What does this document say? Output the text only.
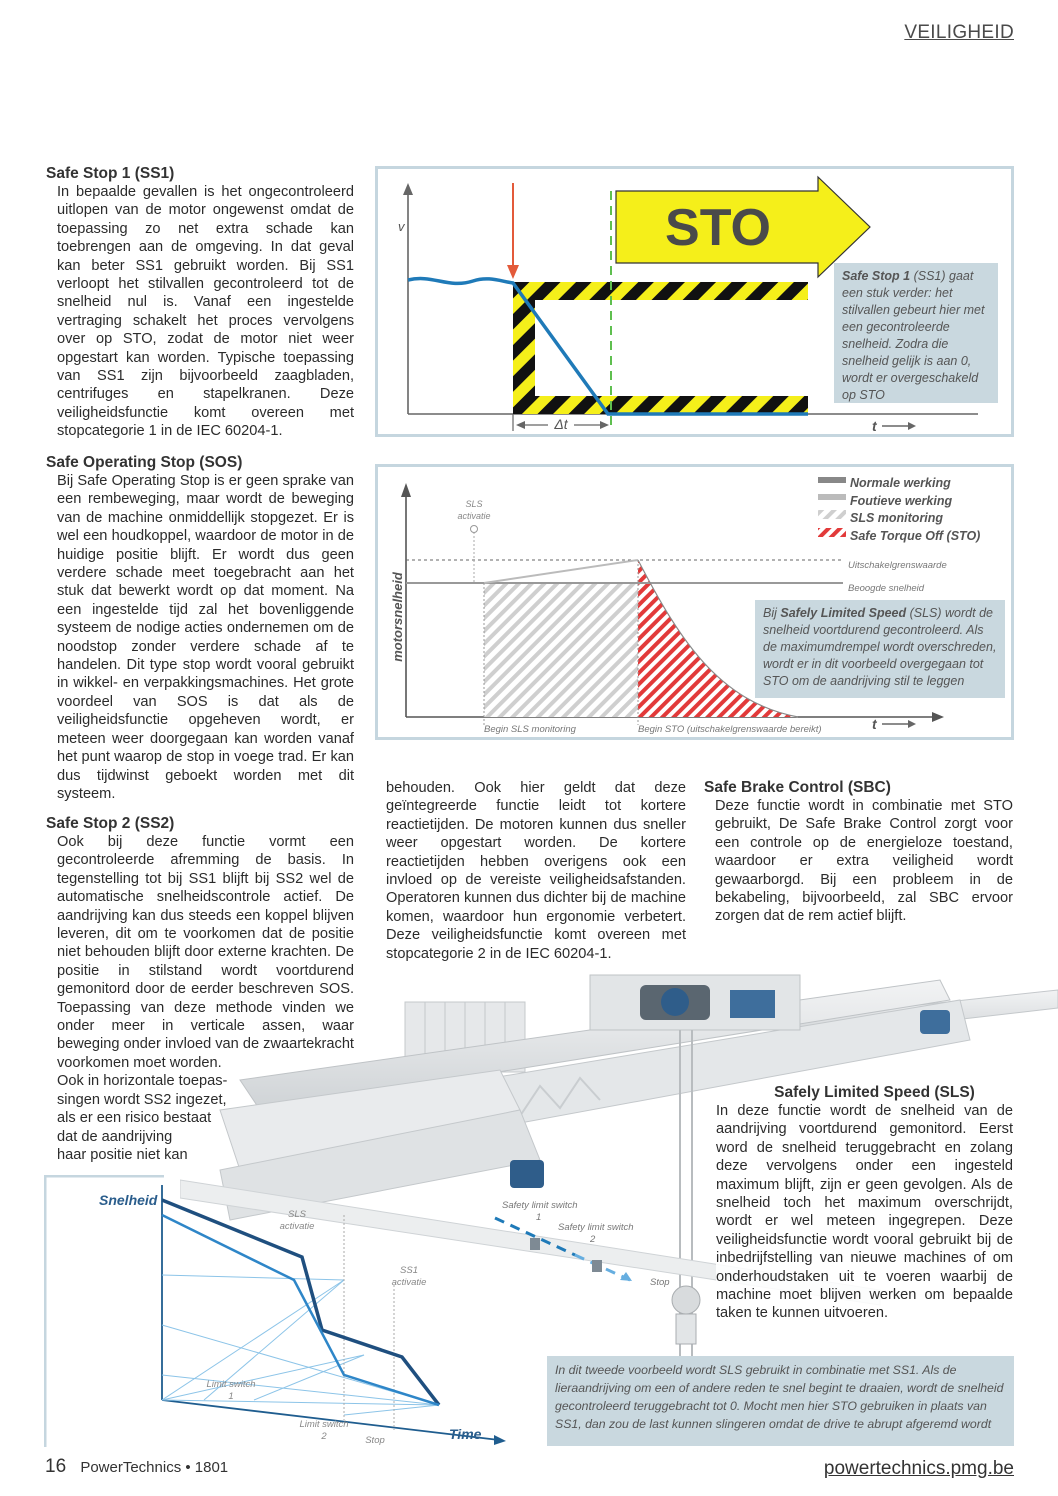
VEILIGHEID
Safe Stop 1 (SS1)
In bepaalde gevallen is het ongecontroleerd uitlopen van de motor ongewenst omdat de toepassing zo net extra schade kan toebrengen aan de omgeving. In dat geval kan beter SS1 gebruikt worden. Bij SS1 verloopt het stilvallen gecontroleerd tot de snelheid nul is. Vanaf een ingestelde vertraging schakelt het proces vervolgens over op STO, zodat de motor niet weer opgestart kan worden. Typische toepassing van SS1 zijn bijvoorbeeld zaagbladen, centrifuges en stapelkranen. Deze veiligheidsfunctie komt overeen met stopcategorie 1 in de IEC 60204-1.
Safe Operating Stop (SOS)
Bij Safe Operating Stop is er geen sprake van een rembeweging, maar wordt de beweging van de machine onmiddellijk stopgezet. Er is wel een houdkoppel, waardoor de motor in de huidige positie blijft. Er wordt dus geen verdere schade meet toegebracht aan het stuk dat bewerkt wordt op dat moment. Na een ingestelde tijd zal het bovenliggende systeem de nodige acties ondernemen om de noodstop zonder verdere schade af te handelen. Dit type stop wordt vooral gebruikt in wikkel- en verpakkingsmachines. Het grote voordeel van SOS is dat als de veiligheidsfunctie opgeheven wordt, er meteen weer doorgegaan kan worden vanaf het punt waarop de stop in voege trad. Er kan dus tijdwinst geboekt worden met dit systeem.
Safe Stop 2 (SS2)
Ook bij deze functie vormt een gecontroleerde afremming de basis. In tegenstelling tot bij SS1 blijft bij SS2 wel de automatische snelheidscontrole actief. De aandrijving kan dus steeds een koppel blijven leveren, dit om te voorkomen dat de positie niet behouden blijft door externe krachten. De positie in stilstand wordt voortdurend gemonitord door de eerder beschreven SOS. Toepassing van deze methode vinden we onder meer in verticale assen, waar beweging onder invloed van de zwaartekracht voorkomen moet worden.
Ook in horizontale toepas-
singen wordt SS2 ingezet,
als er een risico bestaat
dat de aandrijving
haar positie niet kan
behouden. Ook hier geldt dat deze geïntegreerde functie leidt tot kortere reactietijden. De motoren kunnen dus sneller weer opgestart worden. De kortere reactietijden hebben overigens ook een invloed op de vereiste veiligheidsafstanden. Operatoren kunnen dus dichter bij de machine komen, waardoor hun ergonomie verbetert. Deze veiligheidsfunctie komt overeen met stopcategorie 2 in de IEC 60204-1.
Safe Brake Control (SBC)
Deze functie wordt in combinatie met STO gebruikt, De Safe Brake Control zorgt voor een controle op de energieloze toestand, waardoor er extra veiligheid wordt gewaarborgd. Bij een probleem in de bekabeling, bijvoorbeeld, zal SBC ervoor zorgen dat de rem actief blijft.
STO
Δt
v
t
Safe Stop 1 (SS1) gaat een stuk verder: het stilvallen gebeurt hier met een gecontroleerde snelheid. Zodra die snelheid gelijk is aan 0, wordt er overgeschakeld op STO
motorsnelheid
SLS
activatie
Uitschakelgrenswaarde
Beoogde snelheid
Begin SLS monitoring	Begin STO (uitschakelgrenswaarde bereikt)	t
Normale werking
Foutieve werking
SLS monitoring
Safe Torque Off (STO)
Bij Safely Limited Speed (SLS) wordt de snelheid voortdurend gecontroleerd. Als de maximumdrempel wordt overschreden, wordt er in dit voorbeeld overgegaan tot STO om de aandrijving stil te leggen
Safety limit switch
1
Safety limit switch
2
Stop
Safely Limited Speed (SLS)
In deze functie wordt de snelheid van de aandrijving voortdurend gemonitord. Eerst word de snelheid teruggebracht en zolang deze vervolgens onder een ingesteld maximum blijft, zijn er geen gevolgen. Als de snelheid toch het maximum overschrijdt, wordt er wel meteen ingegrepen. Deze veiligheidsfunctie wordt vooral gebruikt bij de inbedrijfstelling van nieuwe machines of om onderhoudstaken uit te voeren waarbij de machine moet blijven werken om bepaalde taken te kunnen uitvoeren.
Snelheid
Time
SLS
activatie
SS1
activatie
Limit switch
1
Limit switch
2	Stop
In dit tweede voorbeeld wordt SLS gebruikt in combinatie met SS1. Als de lieraandrijving om een of andere reden te snel begint te draaien, wordt de snelheid gecontroleerd teruggebracht tot 0. Mocht men hier STO gebruiken in plaats van SS1, dan zou de last kunnen slingeren omdat de drive te abrupt afgeremd wordt
16 PowerTechnics • 1801	powertechnics.pmg.be
